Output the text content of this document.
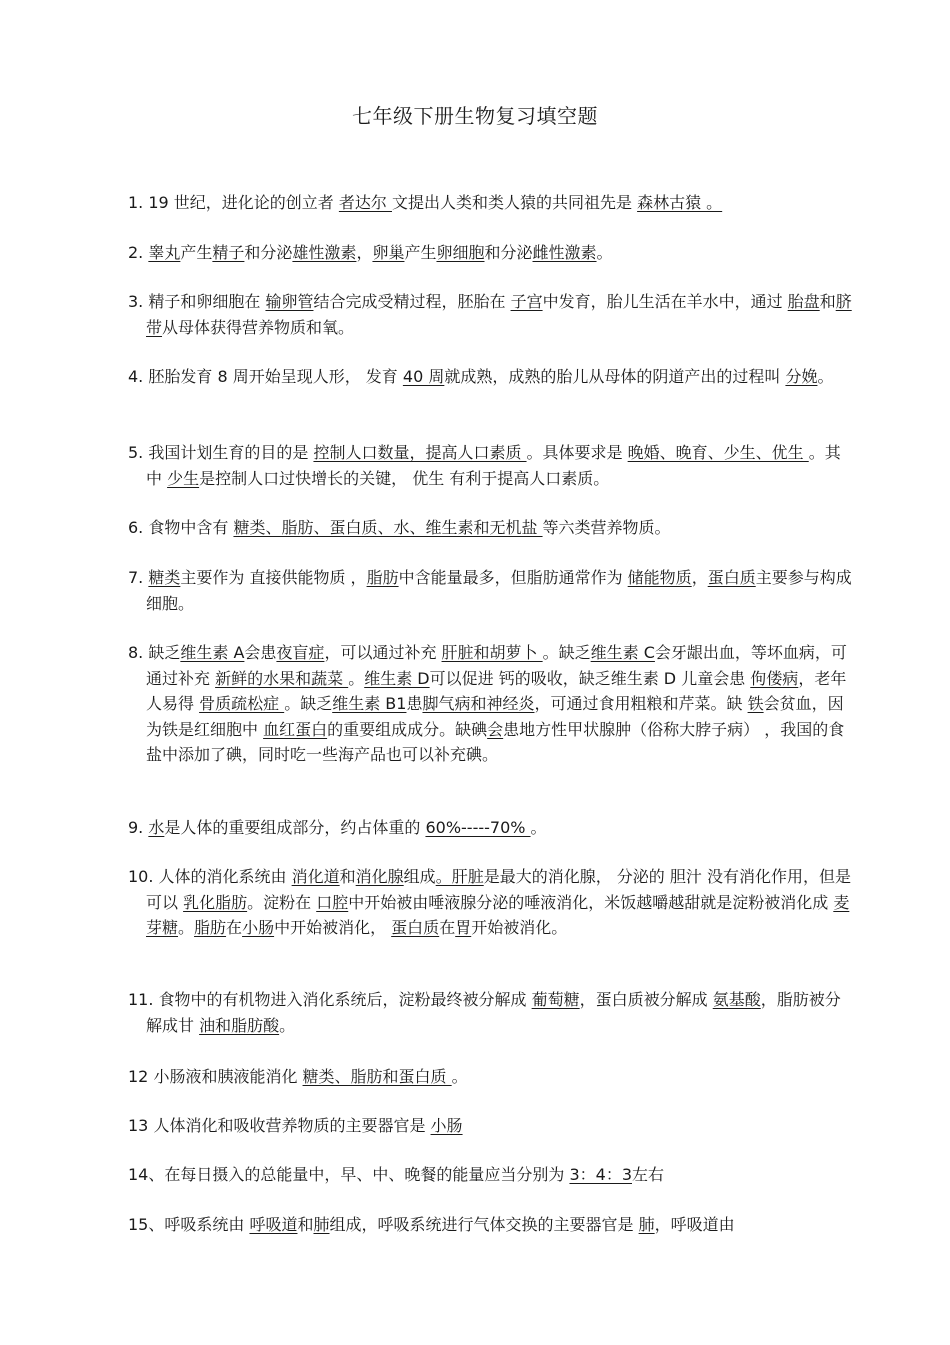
七年级下册生物复习填空题
1. 19 世纪，进化论的创立者 者达尔 文提出人类和类人猿的共同祖先是 森林古猿 。
2. 睾丸产生精子和分泌雄性激素，卵巢产生卵细胞和分泌雌性激素。
3. 精子和卵细胞在 输卵管结合完成受精过程，胚胎在 子宫中发育，胎儿生活在羊水中，通过 胎盘和脐带从母体获得营养物质和氧。
4. 胚胎发育 8 周开始呈现人形， 发育 40 周就成熟，成熟的胎儿从母体的阴道产出的过程叫 分娩。
5. 我国计划生育的目的是 控制人口数量，提高人口素质 。具体要求是 晚婚、晚育、少生、优生 。其中 少生是控制人口过快增长的关键， 优生 有利于提高人口素质。
6. 食物中含有 糖类、脂肪、蛋白质、水、维生素和无机盐 等六类营养物质。
7. 糖类主要作为 直接供能物质 ，脂肪中含能量最多，但脂肪通常作为 储能物质，蛋白质主要参与构成细胞。
8. 缺乏维生素 A会患夜盲症，可以通过补充 肝脏和胡萝卜 。缺乏维生素 C会牙龈出血，等坏血病，可通过补充 新鲜的水果和蔬菜 。维生素 D可以促进 钙的吸收，缺乏维生素 D 儿童会患 佝偻病，老年人易得 骨质疏松症 。缺乏维生素 B1患脚气病和神经炎，可通过食用粗粮和芹菜。缺 铁会贫血，因为铁是红细胞中 血红蛋白的重要组成成分。缺碘会患地方性甲状腺肿（俗称大脖子病） ，我国的食盐中添加了碘，同时吃一些海产品也可以补充碘。
9. 水是人体的重要组成部分，约占体重的 60%-----70% 。
10. 人体的消化系统由 消化道和消化腺组成。肝脏是最大的消化腺， 分泌的 胆汁 没有消化作用，但是可以 乳化脂肪。淀粉在 口腔中开始被由唾液腺分泌的唾液消化，米饭越嚼越甜就是淀粉被消化成 麦芽糖。脂肪在小肠中开始被消化， 蛋白质在胃开始被消化。
11. 食物中的有机物进入消化系统后，淀粉最终被分解成 葡萄糖，蛋白质被分解成 氨基酸，脂肪被分解成甘 油和脂肪酸。
12 小肠液和胰液能消化 糖类、脂肪和蛋白质 。
13 人体消化和吸收营养物质的主要器官是 小肠
14、在每日摄入的总能量中，早、中、晚餐的能量应当分别为 3：4：3左右
15、呼吸系统由 呼吸道和肺组成，呼吸系统进行气体交换的主要器官是 肺，呼吸道由
